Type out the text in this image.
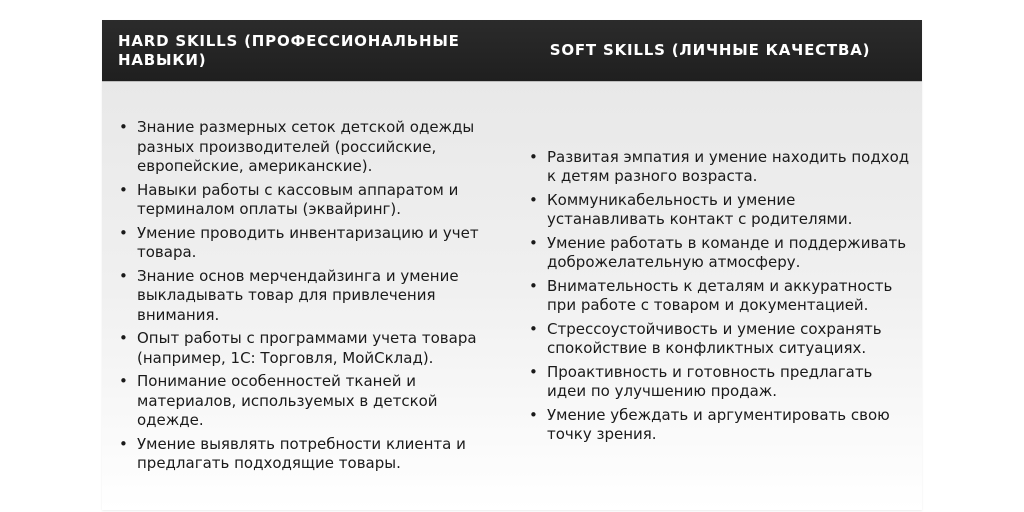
HARD SKILLS (ПРОФЕССИОНАЛЬНЫЕ НАВЫКИ)
SOFT SKILLS (ЛИЧНЫЕ КАЧЕСТВА)
• Знание размерных сеток детской одежды разных производителей (российские, европейские, американские).
• Навыки работы с кассовым аппаратом и терминалом оплаты (эквайринг).
• Умение проводить инвентаризацию и учет товара.
• Знание основ мерчендайзинга и умение выкладывать товар для привлечения внимания.
• Опыт работы с программами учета товара (например, 1С: Торговля, МойСклад).
• Понимание особенностей тканей и материалов, используемых в детской одежде.
• Умение выявлять потребности клиента и предлагать подходящие товары.
• Развитая эмпатия и умение находить подход к детям разного возраста.
• Коммуникабельность и умение устанавливать контакт с родителями.
• Умение работать в команде и поддерживать доброжелательную атмосферу.
• Внимательность к деталям и аккуратность при работе с товаром и документацией.
• Стрессоустойчивость и умение сохранять спокойствие в конфликтных ситуациях.
• Проактивность и готовность предлагать идеи по улучшению продаж.
• Умение убеждать и аргументировать свою точку зрения.
